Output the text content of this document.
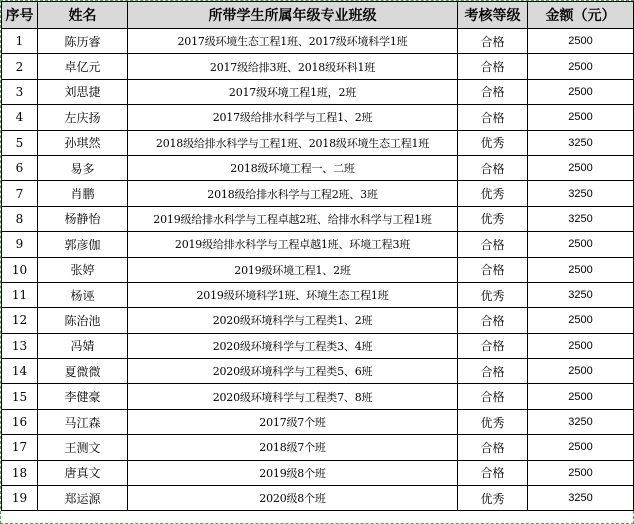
序号	姓名	所带学生所属年级专业班级	考核等级	金额（元）
1	陈历睿	2017级环境生态工程1班、2017级环境科学1班	合格	2500
2	卓亿元	2017级给排3班、2018级环科1班	合格	2500
3	刘思捷	2017级环境工程1班，2班	合格	2500
4	左庆扬	2017级给排水科学与工程1、2班	合格	2500
5	孙琪然	2018级给排水科学与工程1班、2018级环境生态工程1班	优秀	3250
6	易多	2018级环境工程一、二班	合格	2500
7	肖鹏	2018级给排水科学与工程2班、3班	优秀	3250
8	杨静怡	2019级给排水科学与工程卓越2班、给排水科学与工程1班	优秀	3250
9	郭彦伽	2019级给排水科学与工程卓越1班、环境工程3班	合格	2500
10	张婷	2019级环境工程1、2班	合格	2500
11	杨诬	2019级环境科学1班、环境生态工程1班	优秀	3250
12	陈治池	2020级环境科学与工程类1、2班	合格	2500
13	冯婧	2020级环境科学与工程类3、4班	合格	2500
14	夏微微	2020级环境科学与工程类5、6班	合格	2500
15	李健豪	2020级环境科学与工程类7、8班	合格	2500
16	马江森	2017级7个班	优秀	3250
17	王测文	2018级7个班	合格	2500
18	唐真文	2019级8个班	合格	2500
19	郑运源	2020级8个班	优秀	3250
